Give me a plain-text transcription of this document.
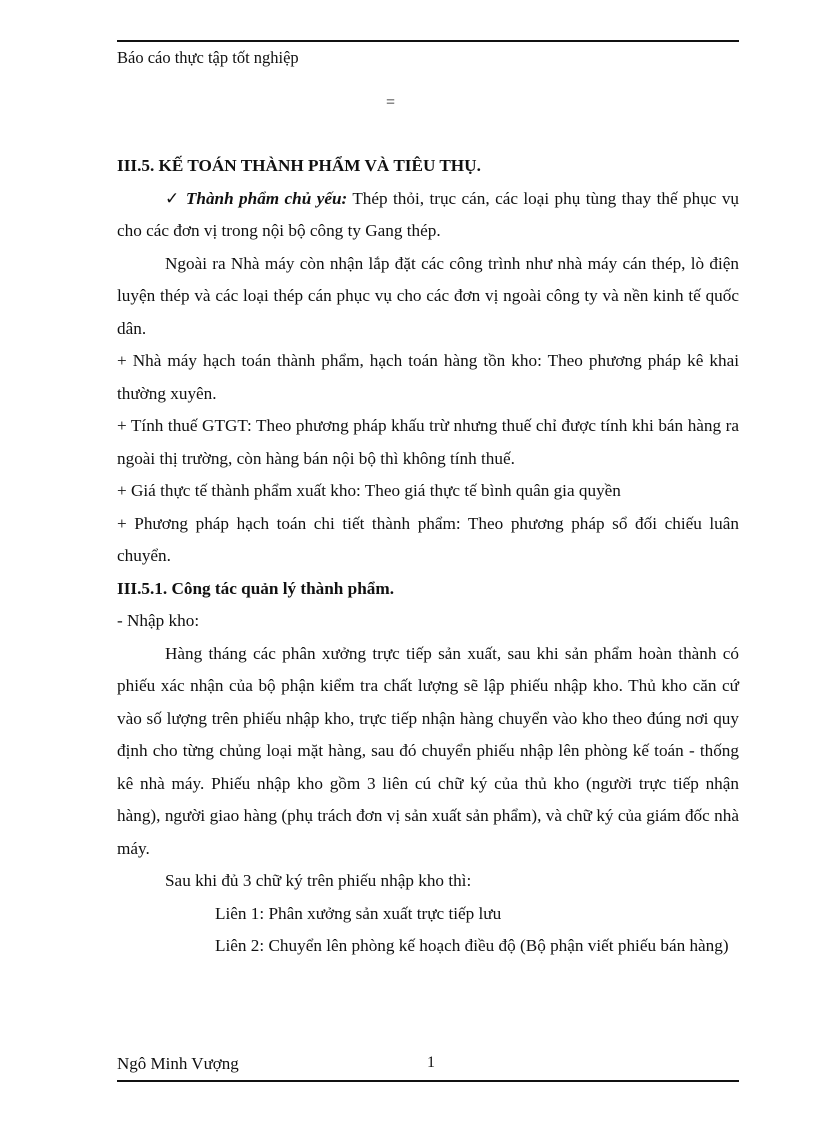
Báo cáo thực tập tốt nghiệp
=

III.5. KẾ TOÁN THÀNH PHẨM VÀ TIÊU THỤ.

✓ Thành phẩm chủ yếu: Thép thỏi, trục cán, các loại phụ tùng thay thế phục vụ cho các đơn vị trong nội bộ công ty Gang thép.

Ngoài ra Nhà máy còn nhận lắp đặt các công trình như nhà máy cán thép, lò điện luyện thép và các loại thép cán phục vụ cho các đơn vị ngoài công ty và nền kinh tế quốc dân.

+ Nhà máy hạch toán thành phẩm, hạch toán hàng tồn kho: Theo phương pháp kê khai thường xuyên.

+ Tính thuế GTGT: Theo phương pháp khấu trừ nhưng thuế chỉ được tính khi bán hàng ra ngoài thị trường, còn hàng bán nội bộ thì không tính thuế.

+ Giá thực tế thành phẩm xuất kho: Theo giá thực tế bình quân gia quyền

+ Phương pháp hạch toán chi tiết thành phẩm: Theo phương pháp sổ đối chiếu luân chuyển.

III.5.1. Công tác quản lý thành phẩm.

- Nhập kho:

Hàng tháng các phân xưởng trực tiếp sản xuất, sau khi sản phẩm hoàn thành có phiếu xác nhận của bộ phận kiểm tra chất lượng sẽ lập phiếu nhập kho. Thủ kho căn cứ vào số lượng trên phiếu nhập kho, trực tiếp nhận hàng chuyển vào kho theo đúng nơi quy định cho từng chủng loại mặt hàng, sau đó chuyển phiếu nhập lên phòng kế toán - thống kê nhà máy. Phiếu nhập kho gồm 3 liên cú chữ ký của thủ kho (người trực tiếp nhận hàng), người giao hàng (phụ trách đơn vị sản xuất sản phẩm), và chữ ký của giám đốc nhà máy.

Sau khi đủ 3 chữ ký trên phiếu nhập kho thì:

Liên 1: Phân xưởng sản xuất trực tiếp lưu

Liên 2: Chuyển lên phòng kế hoạch điều độ (Bộ phận viết phiếu bán hàng)

Ngô Minh Vượng	1
